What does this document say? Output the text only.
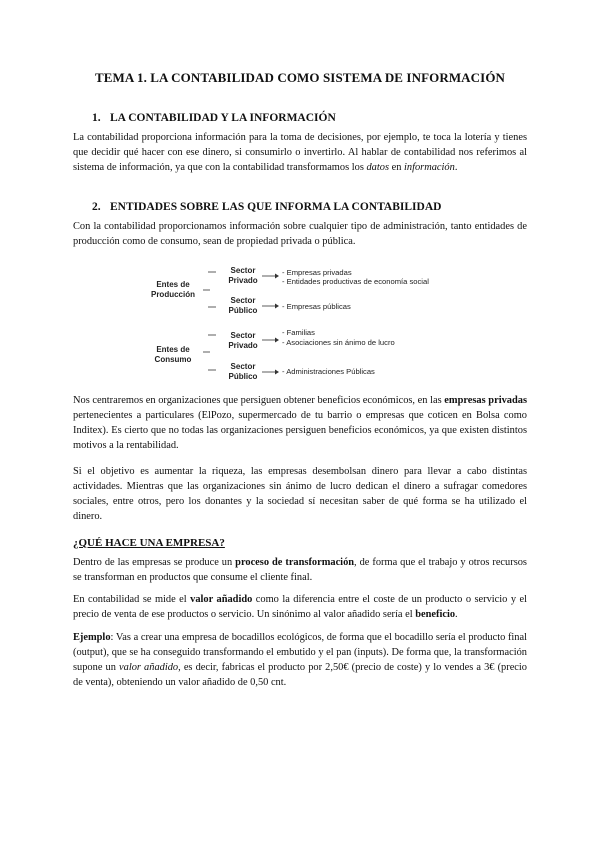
TEMA 1. LA CONTABILIDAD COMO SISTEMA DE INFORMACIÓN
1. LA CONTABILIDAD Y LA INFORMACIÓN

La contabilidad proporciona información para la toma de decisiones, por ejemplo, te toca la lotería y tienes que decidir qué hacer con ese dinero, si consumirlo o invertirlo. Al hablar de contabilidad nos referimos al sistema de información, ya que con la contabilidad transformamos los datos en información.

2. ENTIDADES SOBRE LAS QUE INFORMA LA CONTABILIDAD

Con la contabilidad proporcionamos información sobre cualquier tipo de administración, tanto entidades de producción como de consumo, sean de propiedad privada o pública.

Entes de Producción
Sector Privado
Sector Público
- Empresas privadas
- Entidades productivas de economía social
- Empresas públicas
Entes de Consumo
Sector Privado
Sector Público
- Familias
- Asociaciones sin ánimo de lucro
- Administraciones Públicas

Nos centraremos en organizaciones que persiguen obtener beneficios económicos, en las empresas privadas pertenecientes a particulares (ElPozo, supermercado de tu barrio o empresas que coticen en Bolsa como Inditex). Es cierto que no todas las organizaciones persiguen beneficios económicos, ya que existen distintos motivos a la rentabilidad.

Si el objetivo es aumentar la riqueza, las empresas desembolsan dinero para llevar a cabo distintas actividades. Mientras que las organizaciones sin ánimo de lucro dedican el dinero a sufragar comedores sociales, entre otros, pero los donantes y la sociedad sí necesitan saber de qué forma se ha utilizado el dinero.

¿QUÉ HACE UNA EMPRESA?

Dentro de las empresas se produce un proceso de transformación, de forma que el trabajo y otros recursos se transforman en productos que consume el cliente final.

En contabilidad se mide el valor añadido como la diferencia entre el coste de un producto o servicio y el precio de venta de ese productos o servicio. Un sinónimo al valor añadido sería el beneficio.

Ejemplo: Vas a crear una empresa de bocadillos ecológicos, de forma que el bocadillo sería el producto final (output), que se ha conseguido transformando el embutido y el pan (inputs). De forma que, la transformación supone un valor añadido, es decir, fabricas el producto por 2,50€ (precio de coste) y lo vendes a 3€ (precio de venta), obteniendo un valor añadido de 0,50 cnt.
